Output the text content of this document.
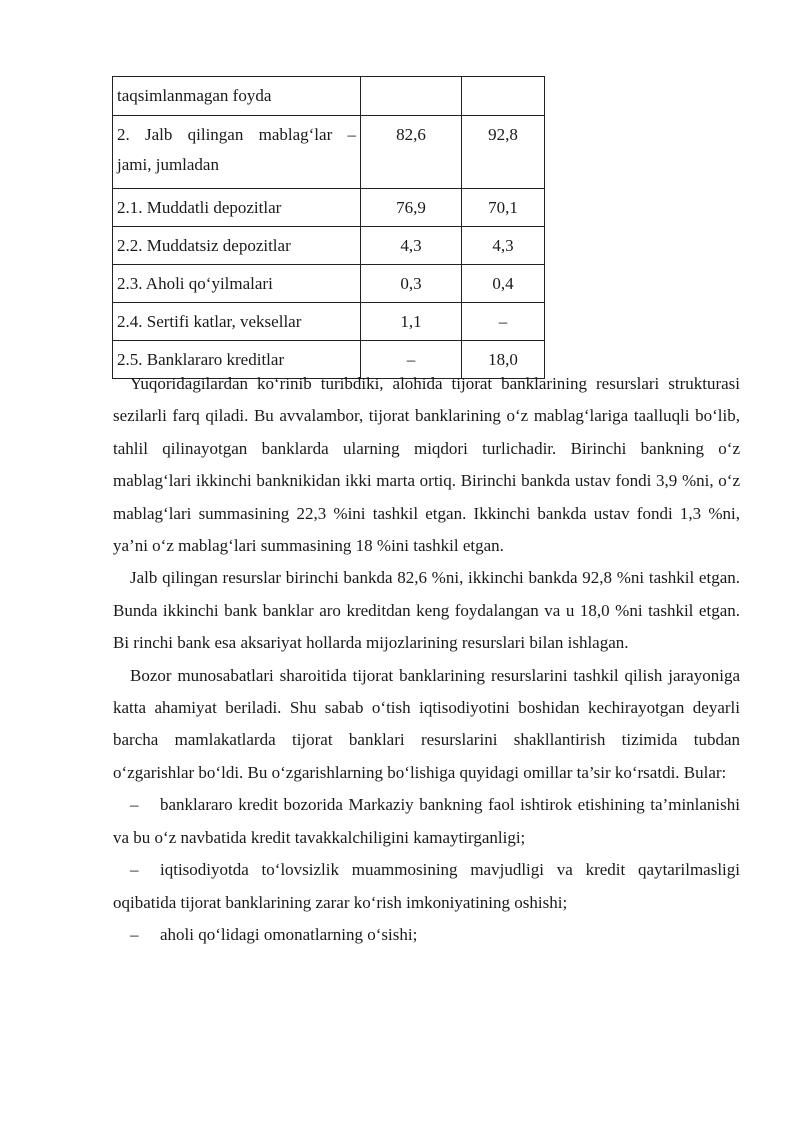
taqsimlanmagan foyda		

2. Jalb qilingan mablag‘lar –
jami, jumladan	82,6	92,8
2.1. Muddatli depozitlar	76,9	70,1
2.2. Muddatsiz depozitlar	4,3	4,3
2.3. Aholi qo‘yilmalari	0,3	0,4
2.4. Sertifi katlar, veksellar	1,1	–
2.5. Banklararo kreditlar	–	18,0

Yuqoridagilardan ko‘rinib turibdiki, alohida tijorat banklarining resurslari strukturasi sezilarli farq qiladi. Bu avvalambor, tijorat banklarining o‘z mablag‘lariga taalluqli bo‘lib, tahlil qilinayotgan banklarda ularning miqdori turlichadir. Birinchi bankning o‘z mablag‘lari ikkinchi banknikidan ikki marta ortiq. Birinchi bankda ustav fondi 3,9 %ni, o‘z mablag‘lari summasining 22,3 %ini tashkil etgan. Ikkinchi bankda ustav fondi 1,3 %ni, ya’ni o‘z mablag‘lari summasining 18 %ini tashkil etgan.

Jalb qilingan resurslar birinchi bankda 82,6 %ni, ikkinchi bankda 92,8 %ni tashkil etgan. Bunda ikkinchi bank banklar aro kreditdan keng foydalangan va u 18,0 %ni tashkil etgan. Bi rinchi bank esa aksariyat hollarda mijozlarining resurslari bilan ishlagan.

Bozor munosabatlari sharoitida tijorat banklarining resurslarini tashkil qilish jarayoniga katta ahamiyat beriladi. Shu sabab o‘tish iqtisodiyotini boshidan kechirayotgan deyarli barcha mamlakatlarda tijorat banklari resurslarini shakllantirish tizimida tubdan o‘zgarishlar bo‘ldi. Bu o‘zgarishlarning bo‘lishiga quyidagi omillar ta’sir ko‘rsatdi. Bular:

– banklararo kredit bozorida Markaziy bankning faol ishtirok etishining ta’minlanishi va bu o‘z navbatida kredit tavakkalchiligini kamaytirganligi;

– iqtisodiyotda to‘lovsizlik muammosining mavjudligi va kredit qaytarilmasligi oqibatida tijorat banklarining zarar ko‘rish imkoniyatining oshishi;

– aholi qo‘lidagi omonatlarning o‘sishi;
